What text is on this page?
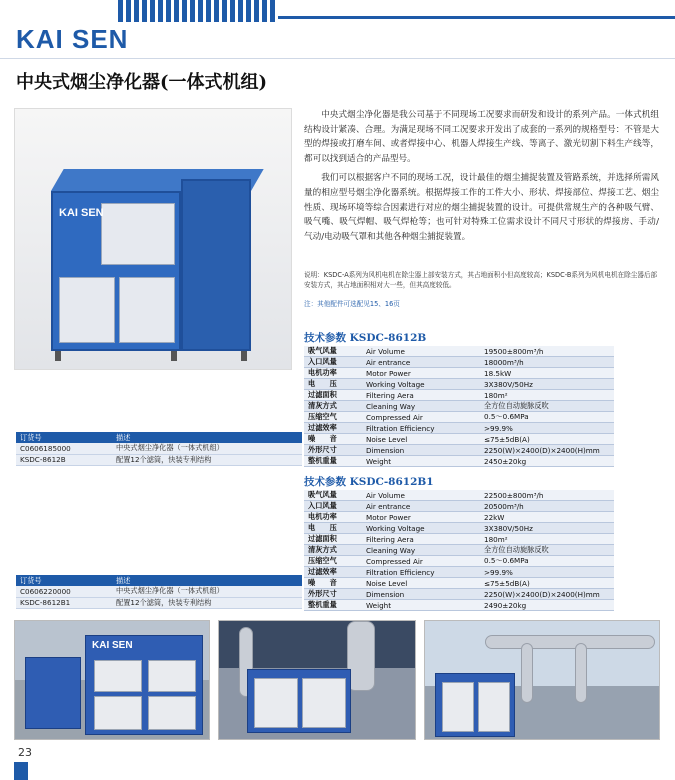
KAI SEN
中央式烟尘净化器(一体式机组)
KAI SEN

中央式烟尘净化器是我公司基于不同现场工况要求而研发和设计的系列产品。一体式机组结构设计紧凑、合理。为满足现场不同工况要求开发出了成套的一系列的规格型号：不管是大型的焊接或打磨车间、或者焊接中心、机器人焊接生产线、等离子、激光切割下料生产线等，都可以找到适合的产品型号。

我们可以根据客户不同的现场工况，设计最佳的烟尘捕捉装置及管路系统，并选择所需风量的相应型号烟尘净化器系统。根据焊接工作的工件大小、形状、焊接部位、焊接工艺、烟尘性质、现场环境等综合因素进行对应的烟尘捕捉装置的设计。可提供常规生产的各种吸气臂、吸气嘴、吸气焊帽、吸气焊枪等；也可针对特殊工位需求设计不同尺寸形状的焊接房、手动/气动/电动吸气罩和其他各种烟尘捕捉装置。

说明：KSDC-A系列为风机电机在除尘器上部安装方式，其占地面积小但高度较高；KSDC-B系列为风机电机在除尘器后部安装方式，其占地面积相对大一些，但其高度较低。
注：其他配件可选配见15、16页
技术参数 KSDC-8612B
吸气风量	Air Volume	19500±800m³/h
入口风量	Air entrance	18000m³/h
电机功率	Motor Power	18.5kW
电　　压	Working Voltage	3X380V/50Hz
过滤面积	Filtering Aera	180m²
清灰方式	Cleaning Way	全方位自动旋脉反吹
压缩空气	Compressed Air	0.5～0.6MPa
过滤效率	Filtration Efficiency	>99.9%
噪　　音	Noise Level	≤75±5dB(A)
外形尺寸	Dimension	2250(W)×2400(D)×2400(H)mm
整机重量	Weight	2450±20kg
订货号	描述
C0606185000	中央式烟尘净化器（一体式机组）
KSDC-8612B	配置12个滤筒，快装专利结构
技术参数 KSDC-8612B1
吸气风量	Air Volume	22500±800m³/h
入口风量	Air entrance	20500m³/h
电机功率	Motor Power	22kW
电　　压	Working Voltage	3X380V/50Hz
过滤面积	Filtering Aera	180m²
清灰方式	Cleaning Way	全方位自动旋脉反吹
压缩空气	Compressed Air	0.5～0.6MPa
过滤效率	Filtration Efficiency	>99.9%
噪　　音	Noise Level	≤75±5dB(A)
外形尺寸	Dimension	2250(W)×2400(D)×2400(H)mm
整机重量	Weight	2490±20kg
订货号	描述
C0606220000	中央式烟尘净化器（一体式机组）
KSDC-8612B1	配置12个滤筒，快装专利结构
KAI SEN
23
